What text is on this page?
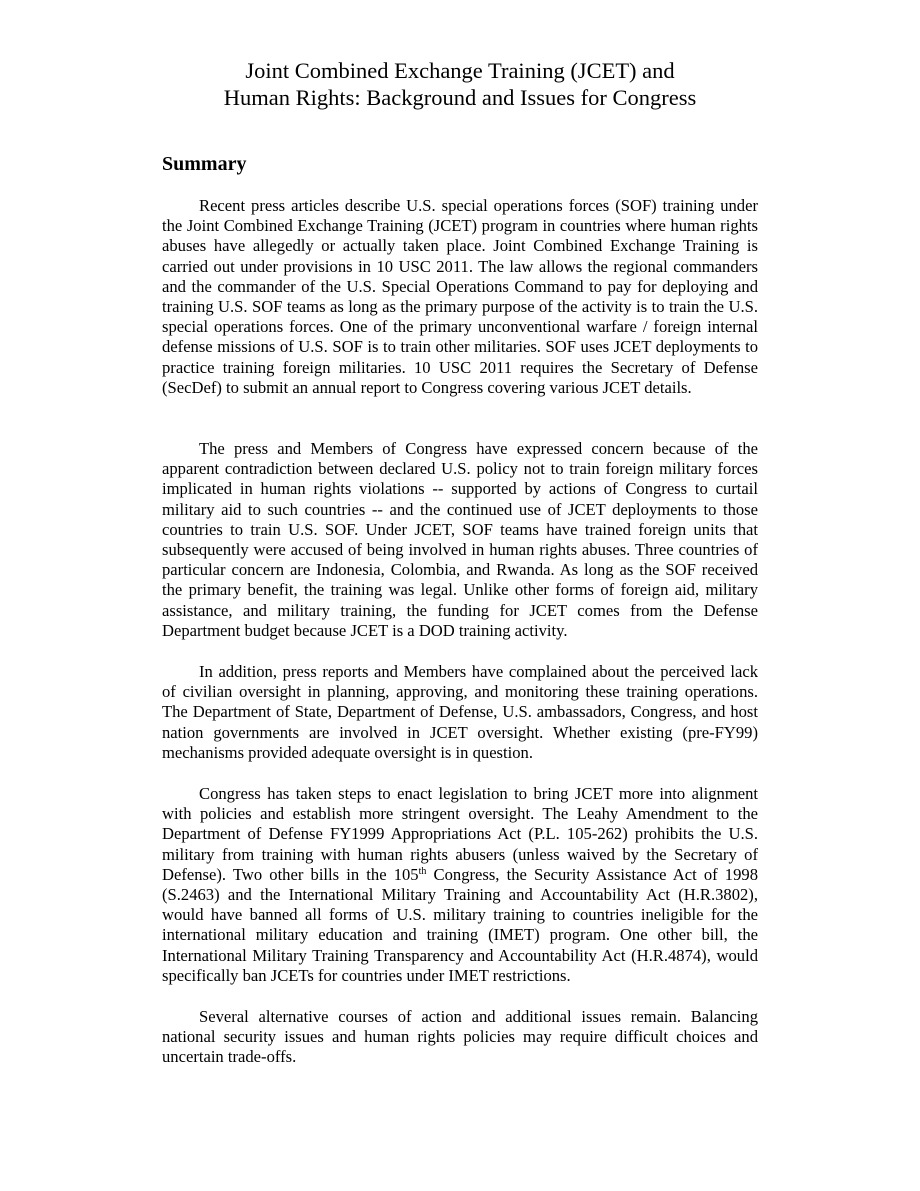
Joint Combined Exchange Training (JCET) and
Human Rights: Background and Issues for Congress
Summary

Recent press articles describe U.S. special operations forces (SOF) training under the Joint Combined Exchange Training (JCET) program in countries where human rights abuses have allegedly or actually taken place. Joint Combined Exchange Training is carried out under provisions in 10 USC 2011. The law allows the regional commanders and the commander of the U.S. Special Operations Command to pay for deploying and training U.S. SOF teams as long as the primary purpose of the activity is to train the U.S. special operations forces. One of the primary unconventional warfare / foreign internal defense missions of U.S. SOF is to train other militaries. SOF uses JCET deployments to practice training foreign militaries. 10 USC 2011 requires the Secretary of Defense (SecDef) to submit an annual report to Congress covering various JCET details.

The press and Members of Congress have expressed concern because of the apparent contradiction between declared U.S. policy not to train foreign military forces implicated in human rights violations -- supported by actions of Congress to curtail military aid to such countries -- and the continued use of JCET deployments to those countries to train U.S. SOF. Under JCET, SOF teams have trained foreign units that subsequently were accused of being involved in human rights abuses. Three countries of particular concern are Indonesia, Colombia, and Rwanda. As long as the SOF received the primary benefit, the training was legal. Unlike other forms of foreign aid, military assistance, and military training, the funding for JCET comes from the Defense Department budget because JCET is a DOD training activity.

In addition, press reports and Members have complained about the perceived lack of civilian oversight in planning, approving, and monitoring these training operations. The Department of State, Department of Defense, U.S. ambassadors, Congress, and host nation governments are involved in JCET oversight. Whether existing (pre-FY99) mechanisms provided adequate oversight is in question.

Congress has taken steps to enact legislation to bring JCET more into alignment with policies and establish more stringent oversight. The Leahy Amendment to the Department of Defense FY1999 Appropriations Act (P.L. 105-262) prohibits the U.S. military from training with human rights abusers (unless waived by the Secretary of Defense). Two other bills in the 105th Congress, the Security Assistance Act of 1998 (S.2463) and the International Military Training and Accountability Act (H.R.3802), would have banned all forms of U.S. military training to countries ineligible for the international military education and training (IMET) program. One other bill, the International Military Training Transparency and Accountability Act (H.R.4874), would specifically ban JCETs for countries under IMET restrictions.

Several alternative courses of action and additional issues remain. Balancing national security issues and human rights policies may require difficult choices and uncertain trade-offs.
